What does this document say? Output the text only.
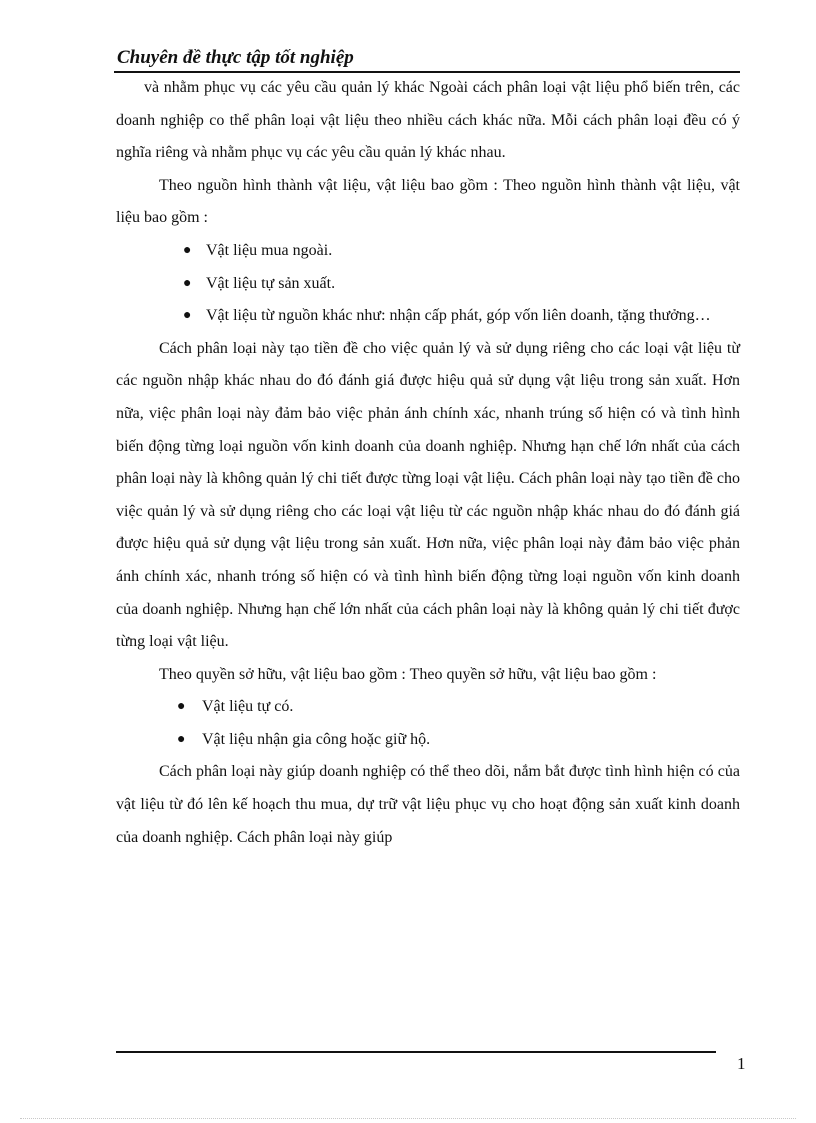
Chuyên đề thực tập tốt nghiệp

và nhằm phục vụ các yêu cầu quản lý khác Ngoài cách phân loại vật liệu phổ biến trên, các doanh nghiệp co thể phân loại vật liệu theo nhiều cách khác nữa. Mỗi cách phân loại đều có ý nghĩa riêng và nhằm phục vụ các yêu cầu quản lý khác nhau.

Theo nguồn hình thành vật liệu, vật liệu bao gồm : Theo nguồn hình thành vật liệu, vật liệu bao gồm :

● Vật liệu mua ngoài.
● Vật liệu tự sản xuất.
● Vật liệu từ nguồn khác như: nhận cấp phát, góp vốn liên doanh, tặng thưởng…

Cách phân loại này tạo tiền đề cho việc quản lý và sử dụng riêng cho các loại vật liệu từ các nguồn nhập khác nhau do đó đánh giá được hiệu quả sử dụng vật liệu trong sản xuất. Hơn nữa, việc phân loại này đảm bảo việc phản ánh chính xác, nhanh trúng số hiện có và tình hình biến động từng loại nguồn vốn kinh doanh của doanh nghiệp. Nhưng hạn chế lớn nhất của cách phân loại này là không quản lý chi tiết được từng loại vật liệu. Cách phân loại này tạo tiền đề cho việc quản lý và sử dụng riêng cho các loại vật liệu từ các nguồn nhập khác nhau do đó đánh giá được hiệu quả sử dụng vật liệu trong sản xuất. Hơn nữa, việc phân loại này đảm bảo việc phản ánh chính xác, nhanh tróng số hiện có và tình hình biến động từng loại nguồn vốn kinh doanh của doanh nghiệp. Nhưng hạn chế lớn nhất của cách phân loại này là không quản lý chi tiết được từng loại vật liệu.

Theo quyền sở hữu, vật liệu bao gồm : Theo quyền sở hữu, vật liệu bao gồm :

● Vật liệu tự có.
● Vật liệu nhận gia công hoặc giữ hộ.

Cách phân loại này giúp doanh nghiệp có thể theo dõi, nắm bắt được tình hình hiện có của vật liệu từ đó lên kế hoạch thu mua, dự trữ vật liệu phục vụ cho hoạt động sản xuất kinh doanh của doanh nghiệp. Cách phân loại này giúp

1
